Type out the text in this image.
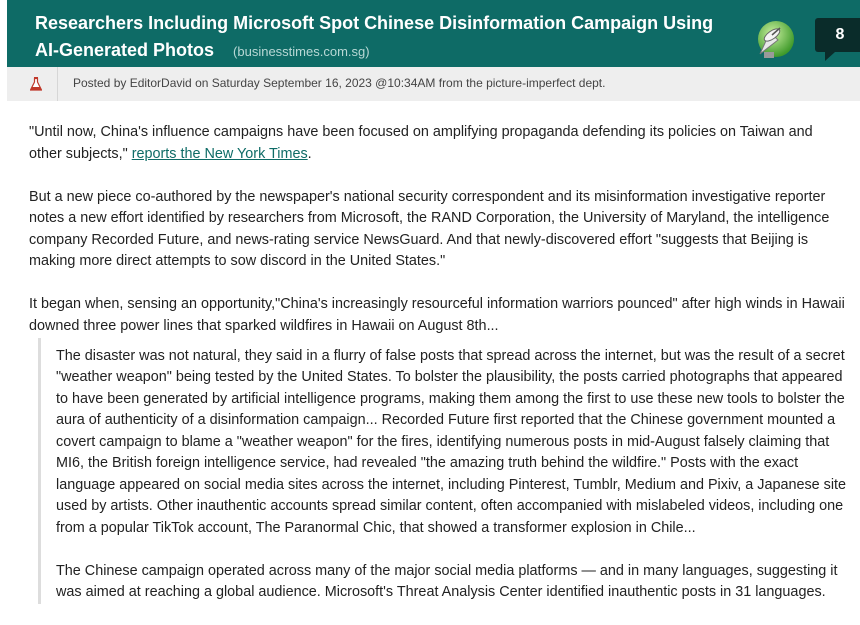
Researchers Including Microsoft Spot Chinese Disinformation Campaign Using AI-Generated Photos (businesstimes.com.sg)
8
Posted by EditorDavid on Saturday September 16, 2023 @10:34AM from the picture-imperfect dept.

"Until now, China's influence campaigns have been focused on amplifying propaganda defending its policies on Taiwan and other subjects," reports the New York Times.

But a new piece co-authored by the newspaper's national security correspondent and its misinformation investigative reporter notes a new effort identified by researchers from Microsoft, the RAND Corporation, the University of Maryland, the intelligence company Recorded Future, and news-rating service NewsGuard. And that newly-discovered effort "suggests that Beijing is making more direct attempts to sow discord in the United States."

It began when, sensing an opportunity,"China's increasingly resourceful information warriors pounced" after high winds in Hawaii downed three power lines that sparked wildfires in Hawaii on August 8th...

The disaster was not natural, they said in a flurry of false posts that spread across the internet, but was the result of a secret "weather weapon" being tested by the United States. To bolster the plausibility, the posts carried photographs that appeared to have been generated by artificial intelligence programs, making them among the first to use these new tools to bolster the aura of authenticity of a disinformation campaign... Recorded Future first reported that the Chinese government mounted a covert campaign to blame a "weather weapon" for the fires, identifying numerous posts in mid-August falsely claiming that MI6, the British foreign intelligence service, had revealed "the amazing truth behind the wildfire." Posts with the exact language appeared on social media sites across the internet, including Pinterest, Tumblr, Medium and Pixiv, a Japanese site used by artists. Other inauthentic accounts spread similar content, often accompanied with mislabeled videos, including one from a popular TikTok account, The Paranormal Chic, that showed a transformer explosion in Chile...

The Chinese campaign operated across many of the major social media platforms — and in many languages, suggesting it was aimed at reaching a global audience. Microsoft's Threat Analysis Center identified inauthentic posts in 31 languages.
